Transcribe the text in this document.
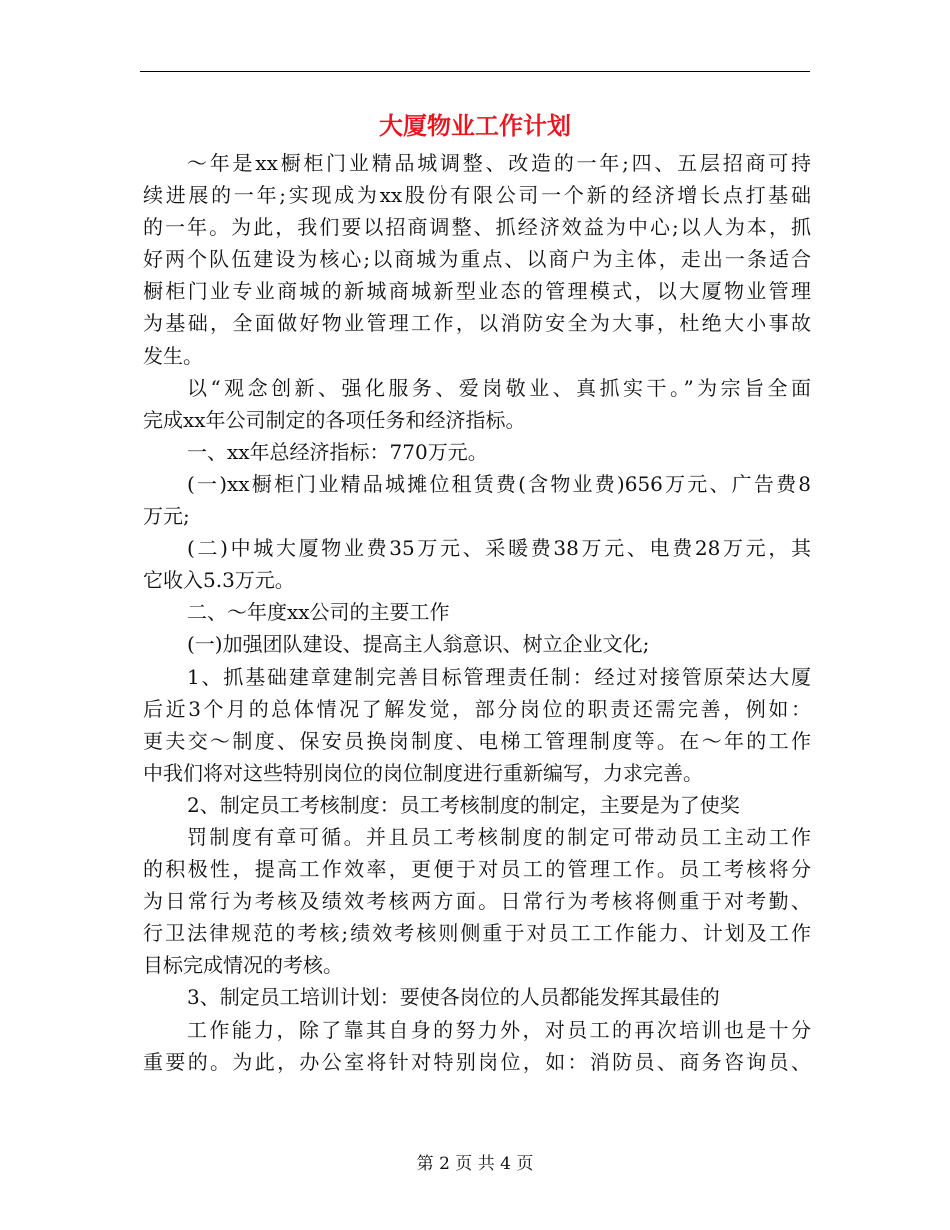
大厦物业工作计划
～年是xx橱柜门业精品城调整、改造的一年;四、五层招商可持
续进展的一年;实现成为xx股份有限公司一个新的经济增长点打基础
的一年。为此，我们要以招商调整、抓经济效益为中心;以人为本，抓
好两个队伍建设为核心;以商城为重点、以商户为主体，走出一条适合
橱柜门业专业商城的新城商城新型业态的管理模式，以大厦物业管理
为基础，全面做好物业管理工作，以消防安全为大事，杜绝大小事故
发生。
以“观念创新、强化服务、爱岗敬业、真抓实干。”为宗旨全面
完成xx年公司制定的各项任务和经济指标。
一、xx年总经济指标：770万元。
(一)xx橱柜门业精品城摊位租赁费(含物业费)656万元、广告费8
万元;
(二)中城大厦物业费35万元、采暖费38万元、电费28万元，其
它收入5.3万元。
二、～年度xx公司的主要工作
(一)加强团队建设、提高主人翁意识、树立企业文化;
1、抓基础建章建制完善目标管理责任制：经过对接管原荣达大厦
后近3个月的总体情况了解发觉，部分岗位的职责还需完善，例如：
更夫交～制度、保安员换岗制度、电梯工管理制度等。在～年的工作
中我们将对这些特别岗位的岗位制度进行重新编写，力求完善。
2、制定员工考核制度：员工考核制度的制定，主要是为了使奖
罚制度有章可循。并且员工考核制度的制定可带动员工主动工作
的积极性，提高工作效率，更便于对员工的管理工作。员工考核将分
为日常行为考核及绩效考核两方面。日常行为考核将侧重于对考勤、
行卫法律规范的考核;绩效考核则侧重于对员工工作能力、计划及工作
目标完成情况的考核。
3、制定员工培训计划：要使各岗位的人员都能发挥其最佳的
工作能力，除了靠其自身的努力外，对员工的再次培训也是十分
重要的。为此，办公室将针对特别岗位，如：消防员、商务咨询员、
第 2 页 共 4 页
